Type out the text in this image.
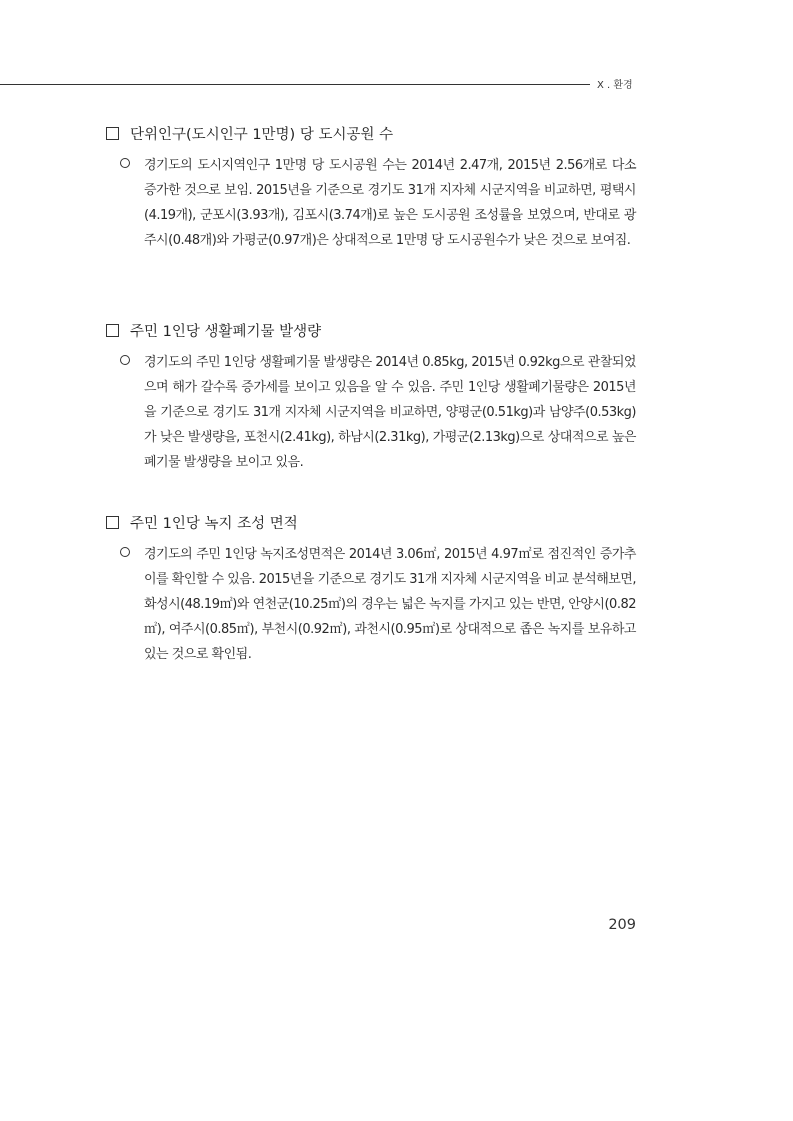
X . 환경
단위인구(도시인구 1만명) 당 도시공원 수

경기도의 도시지역인구 1만명 당 도시공원 수는 2014년 2.47개, 2015년 2.56개로 다소 증가한 것으로 보임. 2015년을 기준으로 경기도 31개 지자체 시군지역을 비교하면, 평택시(4.19개), 군포시(3.93개), 김포시(3.74개)로 높은 도시공원 조성률을 보였으며, 반대로 광주시(0.48개)와 가평군(0.97개)은 상대적으로 1만명 당 도시공원수가 낮은 것으로 보여짐.

주민 1인당 생활폐기물 발생량

경기도의 주민 1인당 생활폐기물 발생량은 2014년 0.85kg, 2015년 0.92kg으로 관찰되었으며 해가 갈수록 증가세를 보이고 있음을 알 수 있음. 주민 1인당 생활폐기물량은 2015년을 기준으로 경기도 31개 지자체 시군지역을 비교하면, 양평군(0.51kg)과 남양주(0.53kg)가 낮은 발생량을, 포천시(2.41kg), 하남시(2.31kg), 가평군(2.13kg)으로 상대적으로 높은 폐기물 발생량을 보이고 있음.

주민 1인당 녹지 조성 면적

경기도의 주민 1인당 녹지조성면적은 2014년 3.06㎡, 2015년 4.97㎡로 점진적인 증가추이를 확인할 수 있음. 2015년을 기준으로 경기도 31개 지자체 시군지역을 비교 분석해보면, 화성시(48.19㎡)와 연천군(10.25㎡)의 경우는 넓은 녹지를 가지고 있는 반면, 안양시(0.82㎡), 여주시(0.85㎡), 부천시(0.92㎡), 과천시(0.95㎡)로 상대적으로 좁은 녹지를 보유하고 있는 것으로 확인됨.

209
